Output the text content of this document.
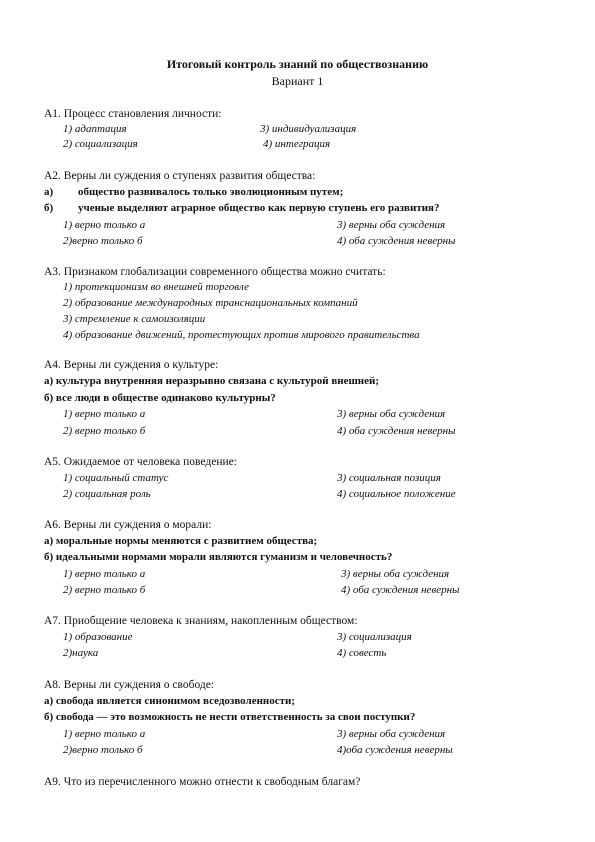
Итоговый контроль знаний по обществознанию
Вариант 1
А1. Процесс становления личности:
1) адаптация	3) индивидуализация
2) социализация	4) интеграция
А2. Верны ли суждения о ступенях развития общества:
а) общество развивалось только эволюционным путем;
б) ученые выделяют аграрное общество как первую ступень его развития?
1) верно только а	3) верны оба суждения
2)верно только б	4) оба суждения неверны
А3. Признаком глобализации современного общества можно считать:
1) протекционизм во внешней торговле
2) образование международных транснациональных компаний
3) стремление к самоизоляции
4) образование движений, протестующих против мирового правительства
А4. Верны ли суждения о культуре:
а) культура внутренняя неразрывно связана с культурой внешней;
б) все люди в обществе одинаково культурны?
1) верно только а	3) верны оба суждения
2) верно только б	4) оба суждения неверны
А5. Ожидаемое от человека поведение:
1) социальный статус	3) социальная позиция
2) социальная роль	4) социальное положение
А6. Верны ли суждения о морали:
а) моральные нормы меняются с развитием общества;
б) идеальными нормами морали являются гуманизм и человечность?
1) верно только а	3) верны оба суждения
2) верно только б	4) оба суждения неверны
А7. Приобщение человека к знаниям, накопленным обществом:
1) образование	3) социализация
2)наука	4) совесть
А8. Верны ли суждения о свободе:
а) свобода является синонимом вседозволенности;
б) свобода — это возможность не нести ответственность за свои поступки?
1) верно только а	3) верны оба суждения
2)верно только б	4)оба суждения неверны
А9. Что из перечисленного можно отнести к свободным благам?
